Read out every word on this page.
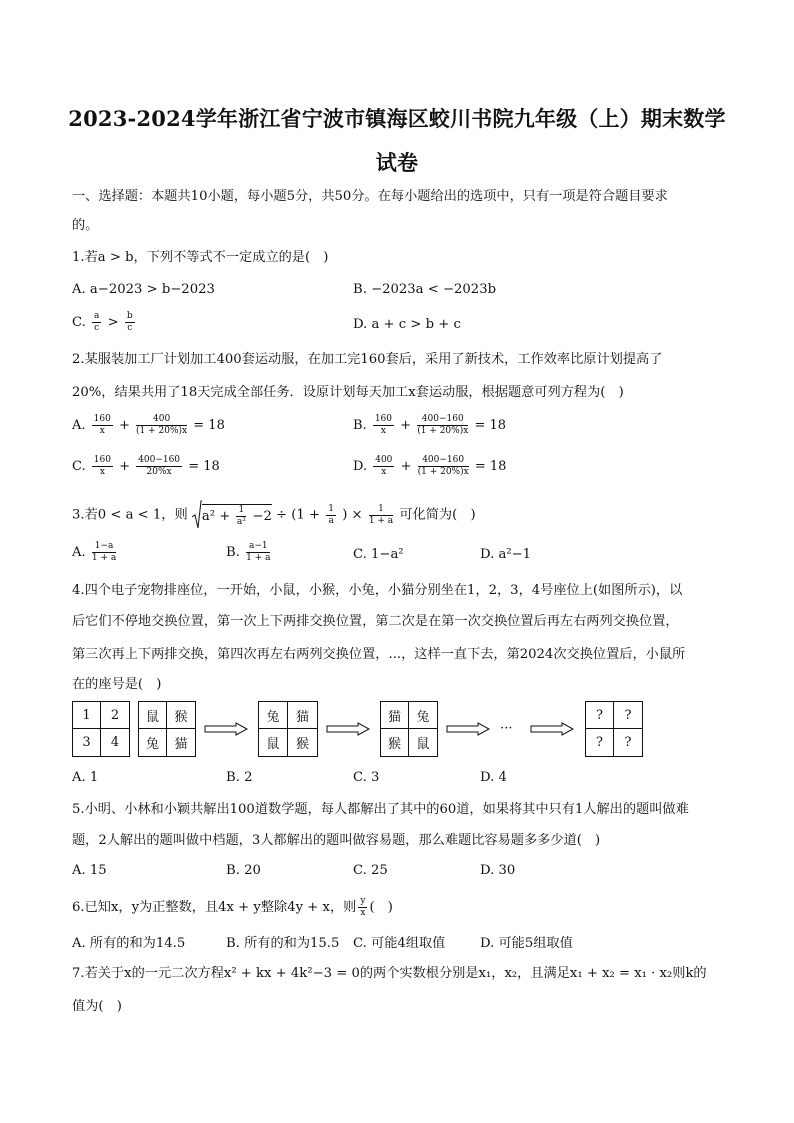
2023-2024学年浙江省宁波市镇海区蛟川书院九年级（上）期末数学
试卷
一、选择题：本题共10小题，每小题5分，共50分。在每小题给出的选项中，只有一项是符合题目要求
的。
1.若a > b，下列不等式不一定成立的是(　)
A. a−2023 > b−2023	B. −2023a < −2023b
C. $\frac{a}{c} > \frac{b}{c}$	D. a + c > b + c
2.某服装加工厂计划加工400套运动服，在加工完160套后，采用了新技术，工作效率比原计划提高了
20%，结果共用了18天完成全部任务．设原计划每天加工x套运动服，根据题意可列方程为(　)
A. $\frac{160}{x} + \frac{400}{(1 + 20\%)x} = 18$	B. $\frac{160}{x} + \frac{400-160}{(1 + 20\%)x} = 18$
C. $\frac{160}{x} + \frac{400-160}{20\%x} = 18$	D. $\frac{400}{x} + \frac{400-160}{(1 + 20\%)x} = 18$
3.若0 < a < 1，则 $a^2 + \frac{1}{\text{a²}} -2 \div (1 + \frac{1}{a}$ ) × $\frac{1}{1 + a}$ 可化简为(　)
A. $\frac{1-a}{1 + a}$	B. $\frac{a-1}{1 + a}$	C. 1−a²	D. a²−1
4.四个电子宠物排座位，一开始，小鼠，小猴，小兔，小猫分别坐在1，2，3，4号座位上(如图所示)，以
后它们不停地交换位置，第一次上下两排交换位置，第二次是在第一次交换位置后再左右两列交换位置，
第三次再上下两排交换，第四次再左右两列交换位置，...，这样一直下去，第2024次交换位置后，小鼠所
在的座号是(　)
1	2
3	4
鼠	猴
兔	猫
兔	猫
鼠	猴
猫	兔
猴	鼠
···
?	?
?	?
A. 1	B. 2	C. 3	D. 4
5.小明、小林和小颖共解出100道数学题，每人都解出了其中的60道，如果将其中只有1人解出的题叫做难
题，2人解出的题叫做中档题，3人都解出的题叫做容易题，那么难题比容易题多多少道(　)
A. 15	B. 20	C. 25	D. 30
6.已知x，y为正整数，且4x + y整除4y + x，则 $\frac{y}{x}$ (　)
A. 所有的和为14.5	B. 所有的和为15.5 C. 可能4组取值	D. 可能5组取值
7.若关于x的一元二次方程x² + kx + 4k²−3 = 0的两个实数根分别是x₁，x₂，且满足x₁ + x₂ = x₁ · x₂则k的
值为(　)
